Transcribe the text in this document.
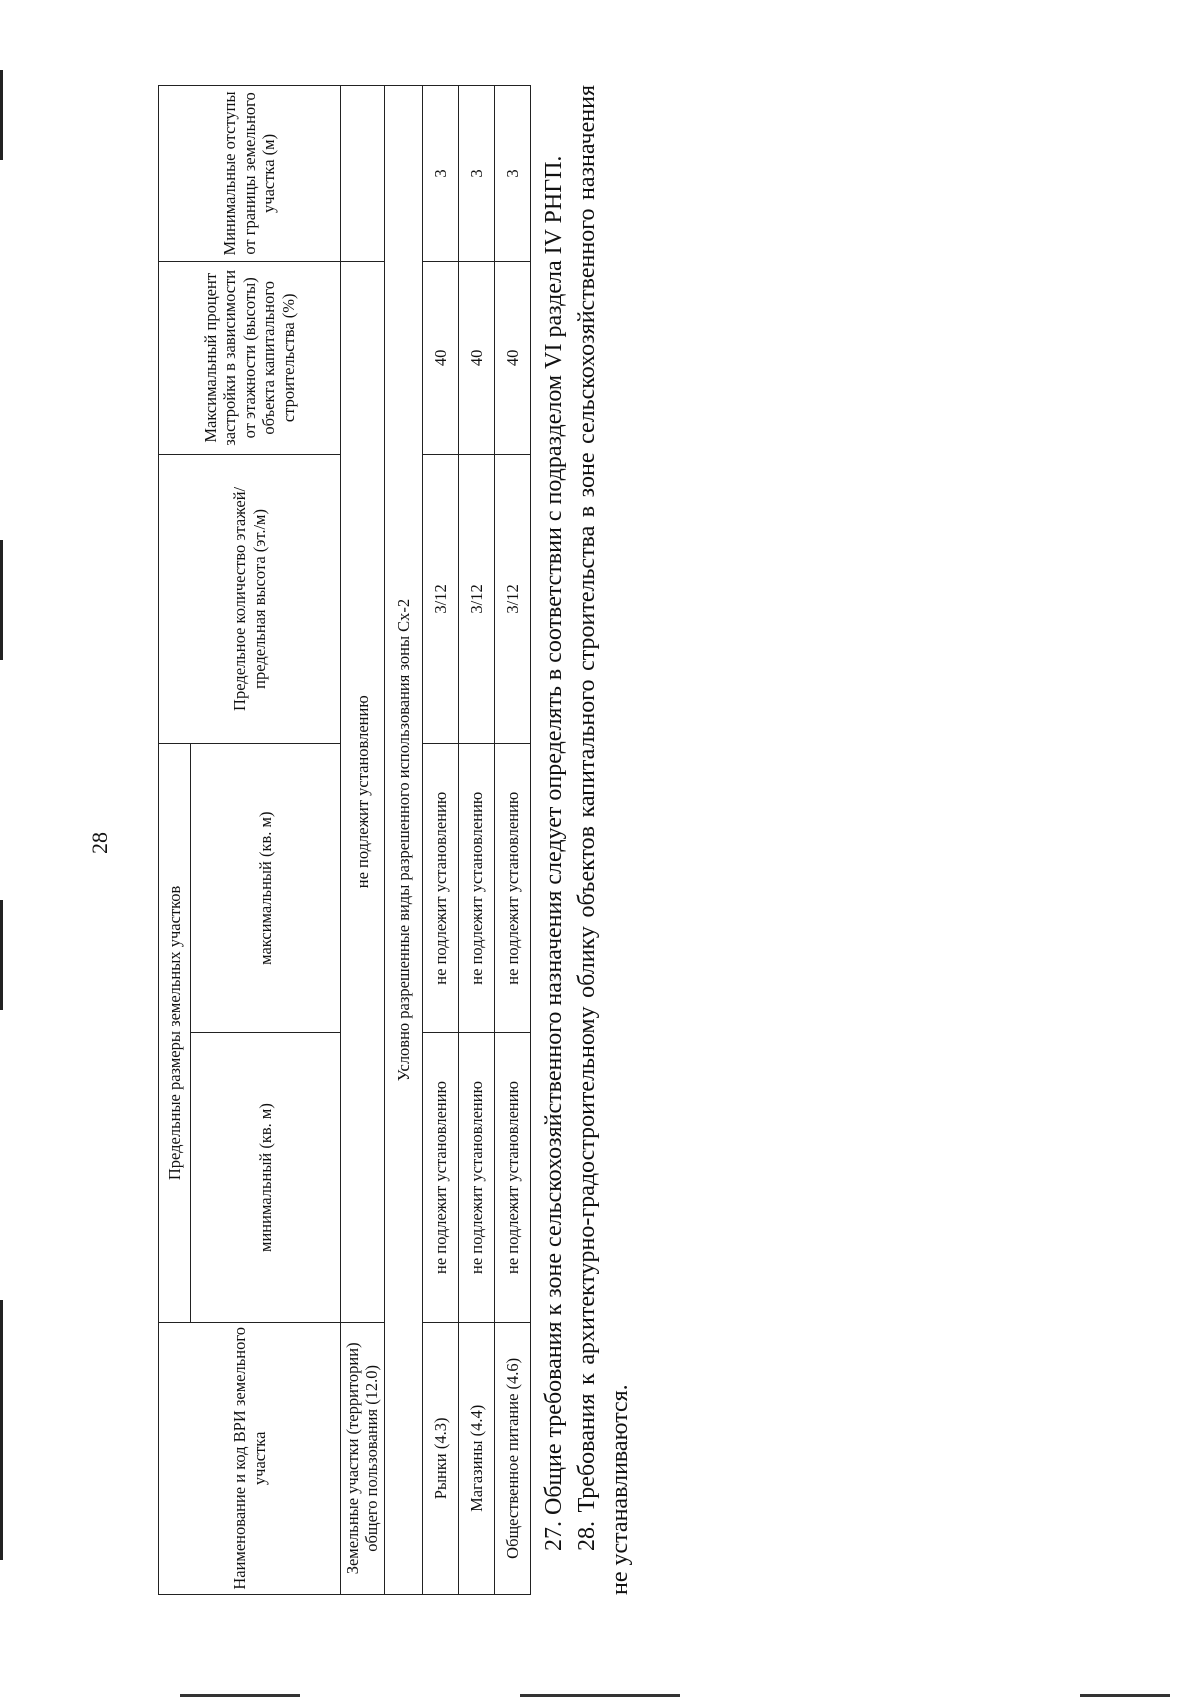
Наименование и код ВРИ земельного участка	Предельные размеры земельных участков		Предельное количество этажей/предельная высота (эт./м)	Максимальный процент застройки в зависимости от этажности (высоты) объекта капитального строительства (%)	Минимальные отступы от границы земельного участка (м)
	минимальный (кв. м)	максимальный (кв. м)			
Земельные участки (территории) общего пользования (12.0)	не подлежит установлению				
Условно разрешенные виды разрешенного использования зоны Сх-2					
Рынки (4.3)	не подлежит установлению	не подлежит установлению	3/12	40	3
Магазины (4.4)	не подлежит установлению	не подлежит установлению	3/12	40	3
Общественное питание (4.6)	не подлежит установлению	не подлежит установлению	3/12	40	3 27. Общие требования к зоне сельскохозяйственного назначения следует определять в соответствии с подразделом VI раздела IV РНГП. 28. Требования к архитектурно-градостроительному облику объектов капитального строительства в зоне сельскохозяйственного назначения не устанавливаются.

28
